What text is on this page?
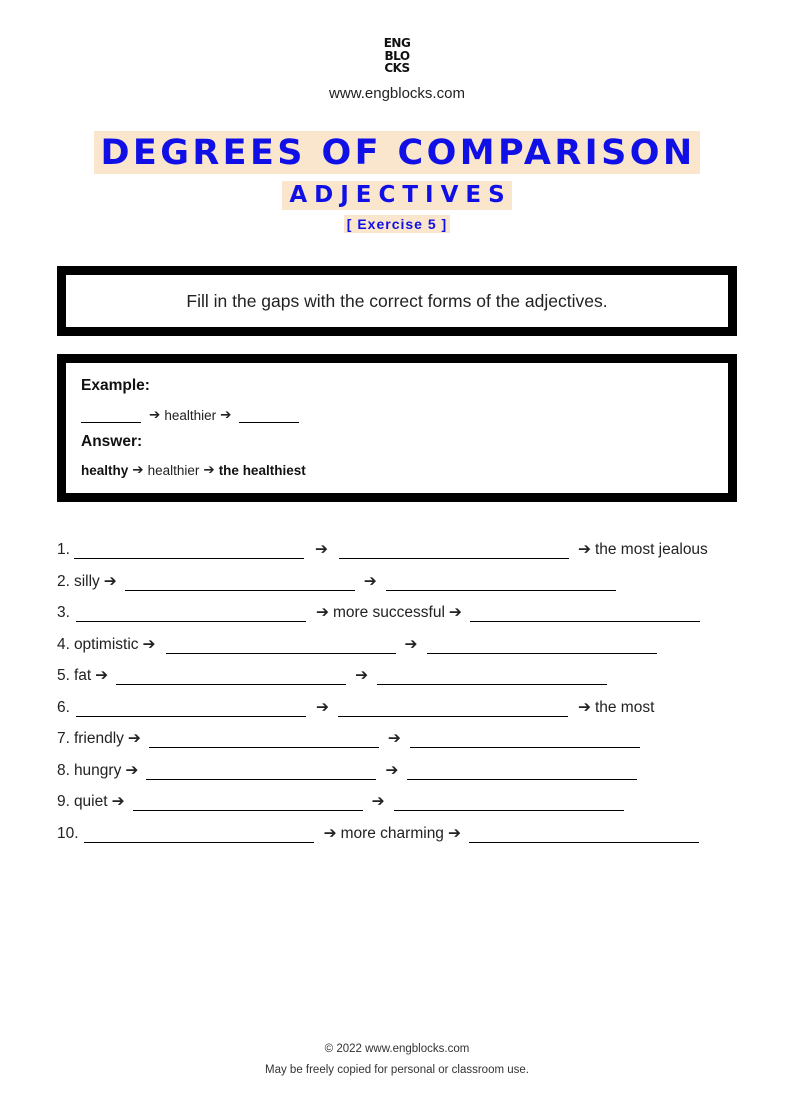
ENG
BLO
CKS
www.engblocks.com
DEGREES OF COMPARISON
ADJECTIVES
[ Exercise 5 ]
Fill in the gaps with the correct forms of the adjectives.
Example:
➔ healthier ➔
Answer:
healthy ➔ healthier ➔ the healthiest
1.	➔	➔ the most jealous
2. silly ➔	➔
3.	➔ more successful ➔
4. optimistic ➔	➔
5. fat ➔	➔
6.	➔	➔ the most
7. friendly ➔	➔
8. hungry ➔	➔
9. quiet ➔	➔
10.	➔ more charming ➔
© 2022 www.engblocks.com
May be freely copied for personal or classroom use.
